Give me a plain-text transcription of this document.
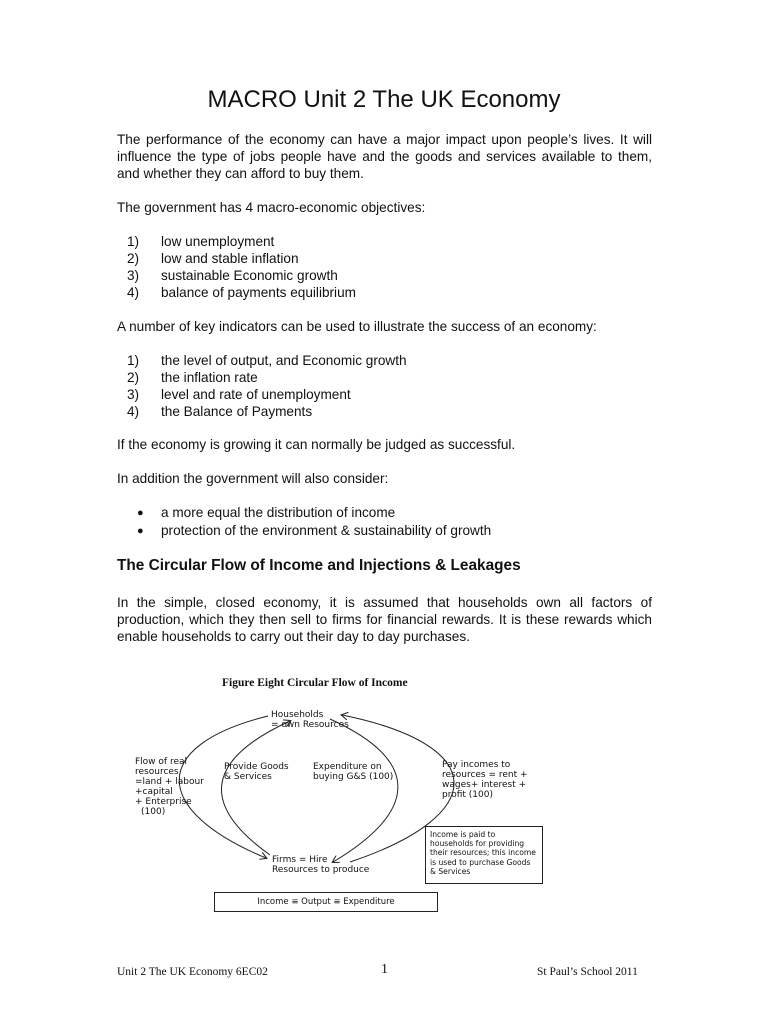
MACRO Unit 2 The UK Economy
The performance of the economy can have a major impact upon people’s lives. It will influence the type of jobs people have and the goods and services available to them, and whether they can afford to buy them.
The government has 4 macro-economic objectives:
1) low unemployment
2) low and stable inflation
3) sustainable Economic growth
4) balance of payments equilibrium
A number of key indicators can be used to illustrate the success of an economy:
1) the level of output, and Economic growth
2) the inflation rate
3) level and rate of unemployment
4) the Balance of Payments
If the economy is growing it can normally be judged as successful.
In addition the government will also consider:
● a more equal the distribution of income
● protection of the environment & sustainability of growth
The Circular Flow of Income and Injections & Leakages
In the simple, closed economy, it is assumed that households own all factors of production, which they then sell to firms for financial rewards. It is these rewards which enable households to carry out their day to day purchases.
Figure Eight Circular Flow of Income
Households
= own Resources
Flow of real
resources
=land + labour
+capital
+ Enterprise
(100)
Provide Goods
& Services
Expenditure on
buying G&S (100)
Pay incomes to
resources = rent +
wages+ interest +
profit (100)
Firms = Hire
Resources to produce
Income is paid to households for providing their resources; this income is used to purchase Goods & Services
Income ≡ Output ≡ Expenditure
Unit 2 The UK Economy 6EC02	1	St Paul’s School 2011
